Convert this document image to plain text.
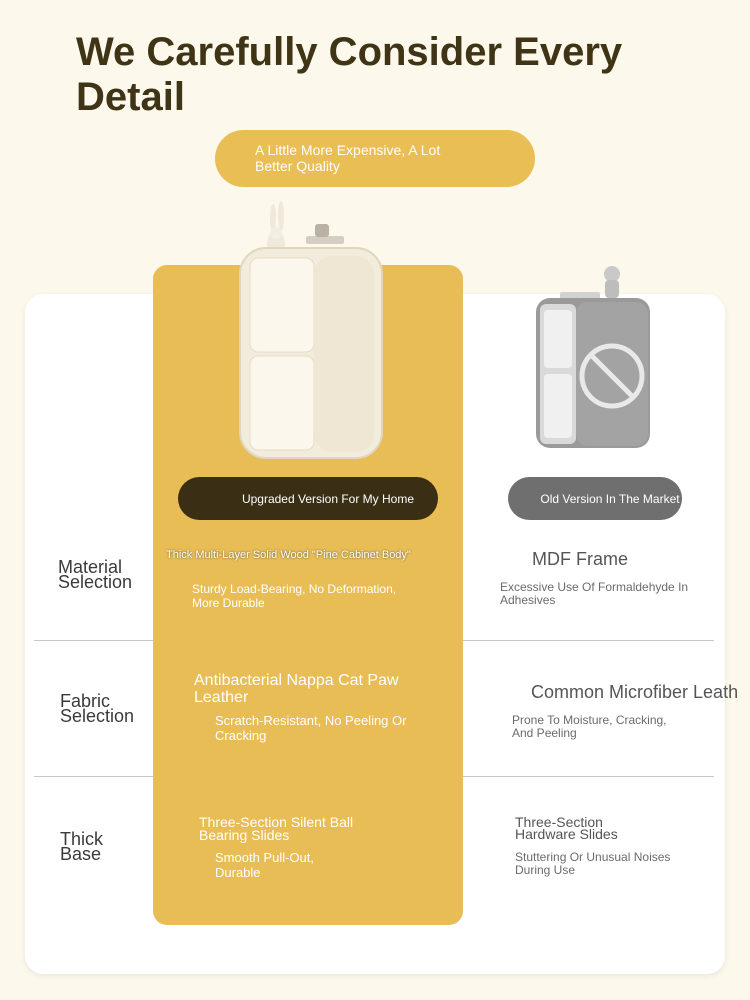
We Carefully Consider Every
Detail
A Little More Expensive, A Lot
Better Quality
Upgraded Version For My Home	Old Version In The Market
Material
Selection
Thick Multi-Layer Solid Wood "Pine Cabinet Body"
Sturdy Load-Bearing, No Deformation,
More Durable
MDF Frame
Excessive Use Of Formaldehyde In
Adhesives
Fabric
Selection
Antibacterial Nappa Cat Paw
Leather
Scratch-Resistant, No Peeling Or
Cracking
Common Microfiber Leath
Prone To Moisture, Cracking,
And Peeling
Thick
Base
Three-Section Silent Ball
Bearing Slides
Smooth Pull-Out,
Durable
Three-Section
Hardware Slides
Stuttering Or Unusual Noises
During Use
